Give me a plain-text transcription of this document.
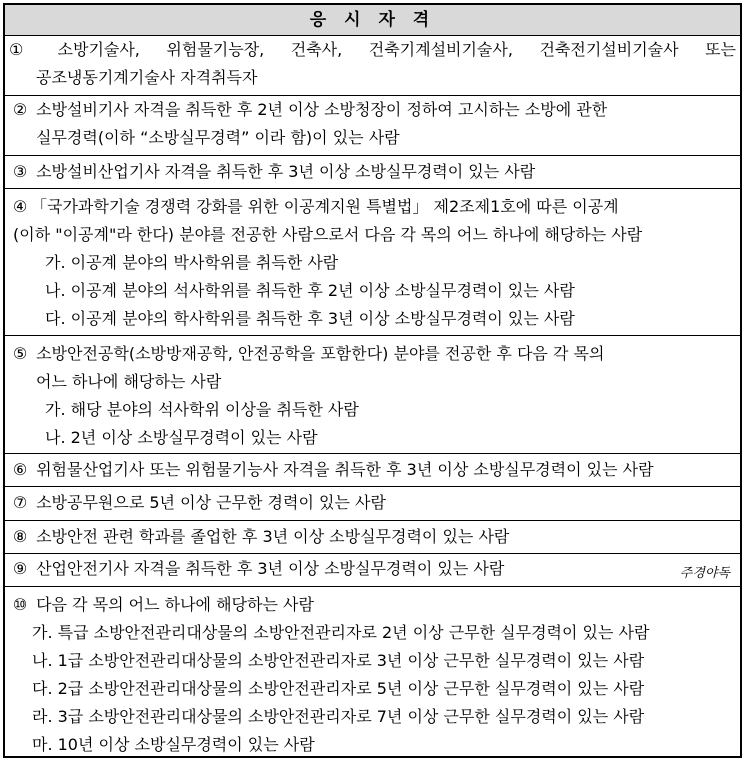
응 시 자 격
① 소방기술사, 위험물기능장, 건축사, 건축기계설비기술사, 건축전기설비기술사 또는
공조냉동기계기술사 자격취득자
② 소방설비기사 자격을 취득한 후 2년 이상 소방청장이 정하여 고시하는 소방에 관한
실무경력(이하 “소방실무경력” 이라 함)이 있는 사람
③ 소방설비산업기사 자격을 취득한 후 3년 이상 소방실무경력이 있는 사람
④ 「국가과학기술 경쟁력 강화를 위한 이공계지원 특별법」 제2조제1호에 따른 이공계
(이하 "이공계"라 한다) 분야를 전공한 사람으로서 다음 각 목의 어느 하나에 해당하는 사람
가. 이공계 분야의 박사학위를 취득한 사람
나. 이공계 분야의 석사학위를 취득한 후 2년 이상 소방실무경력이 있는 사람
다. 이공계 분야의 학사학위를 취득한 후 3년 이상 소방실무경력이 있는 사람
⑤ 소방안전공학(소방방재공학, 안전공학을 포함한다) 분야를 전공한 후 다음 각 목의
어느 하나에 해당하는 사람
가. 해당 분야의 석사학위 이상을 취득한 사람
나. 2년 이상 소방실무경력이 있는 사람
⑥ 위험물산업기사 또는 위험물기능사 자격을 취득한 후 3년 이상 소방실무경력이 있는 사람
⑦ 소방공무원으로 5년 이상 근무한 경력이 있는 사람
⑧ 소방안전 관련 학과를 졸업한 후 3년 이상 소방실무경력이 있는 사람
⑨ 산업안전기사 자격을 취득한 후 3년 이상 소방실무경력이 있는 사람	주경야독
⑩ 다음 각 목의 어느 하나에 해당하는 사람
가. 특급 소방안전관리대상물의 소방안전관리자로 2년 이상 근무한 실무경력이 있는 사람
나. 1급 소방안전관리대상물의 소방안전관리자로 3년 이상 근무한 실무경력이 있는 사람
다. 2급 소방안전관리대상물의 소방안전관리자로 5년 이상 근무한 실무경력이 있는 사람
라. 3급 소방안전관리대상물의 소방안전관리자로 7년 이상 근무한 실무경력이 있는 사람
마. 10년 이상 소방실무경력이 있는 사람
